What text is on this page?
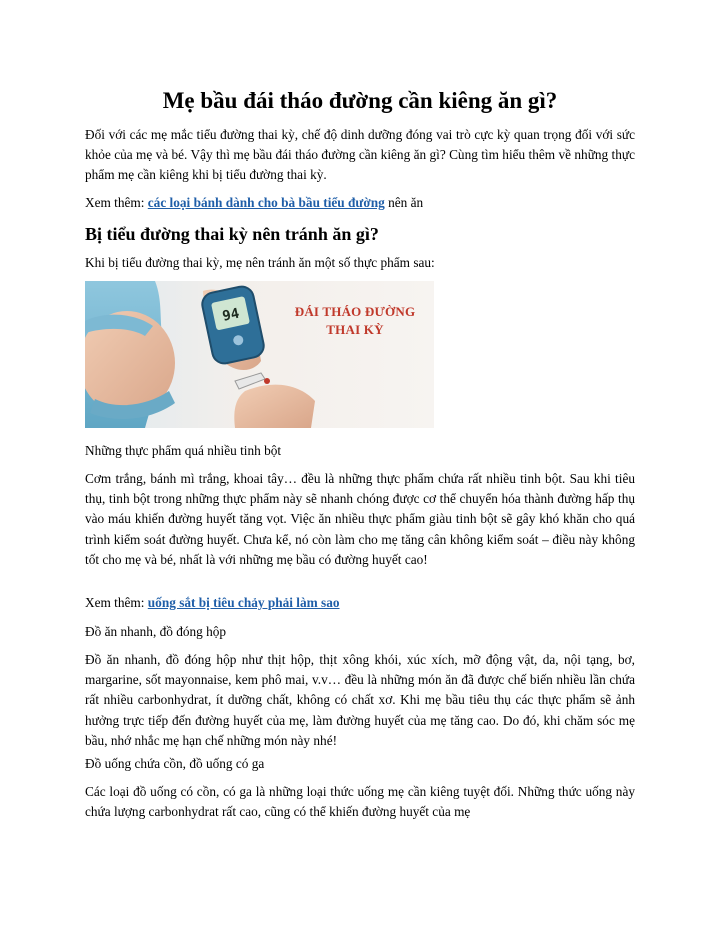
Mẹ bầu đái tháo đường cần kiêng ăn gì?

Đối với các mẹ mắc tiểu đường thai kỳ, chế độ dinh dưỡng đóng vai trò cực kỳ quan trọng đối với sức khỏe của mẹ và bé. Vậy thì mẹ bầu đái tháo đường cần kiêng ăn gì? Cùng tìm hiểu thêm về những thực phẩm mẹ cần kiêng khi bị tiểu đường thai kỳ.

Xem thêm: các loại bánh dành cho bà bầu tiểu đường nên ăn

Bị tiểu đường thai kỳ nên tránh ăn gì?

Khi bị tiểu đường thai kỳ, mẹ nên tránh ăn một số thực phẩm sau:

94	ĐÁI THÁO ĐƯỜNG
THAI KỲ

Những thực phẩm quá nhiều tinh bột

Cơm trắng, bánh mì trắng, khoai tây… đều là những thực phẩm chứa rất nhiều tinh bột. Sau khi tiêu thụ, tinh bột trong những thực phẩm này sẽ nhanh chóng được cơ thể chuyển hóa thành đường hấp thụ vào máu khiến đường huyết tăng vọt. Việc ăn nhiều thực phẩm giàu tinh bột sẽ gây khó khăn cho quá trình kiểm soát đường huyết. Chưa kể, nó còn làm cho mẹ tăng cân không kiểm soát – điều này không tốt cho mẹ và bé, nhất là với những mẹ bầu có đường huyết cao!

Xem thêm: uống sắt bị tiêu chảy phải làm sao

Đồ ăn nhanh, đồ đóng hộp

Đồ ăn nhanh, đồ đóng hộp như thịt hộp, thịt xông khói, xúc xích, mỡ động vật, da, nội tạng, bơ, margarine, sốt mayonnaise, kem phô mai, v.v… đều là những món ăn đã được chế biến nhiều lần chứa rất nhiều carbonhydrat, ít dưỡng chất, không có chất xơ. Khi mẹ bầu tiêu thụ các thực phẩm sẽ ảnh hưởng trực tiếp đến đường huyết của mẹ, làm đường huyết của mẹ tăng cao. Do đó, khi chăm sóc mẹ bầu, nhớ nhắc mẹ hạn chế những món này nhé!

Đồ uống chứa cồn, đồ uống có ga

Các loại đồ uống có cồn, có ga là những loại thức uống mẹ cần kiêng tuyệt đối. Những thức uống này chứa lượng carbonhydrat rất cao, cũng có thể khiến đường huyết của mẹ
